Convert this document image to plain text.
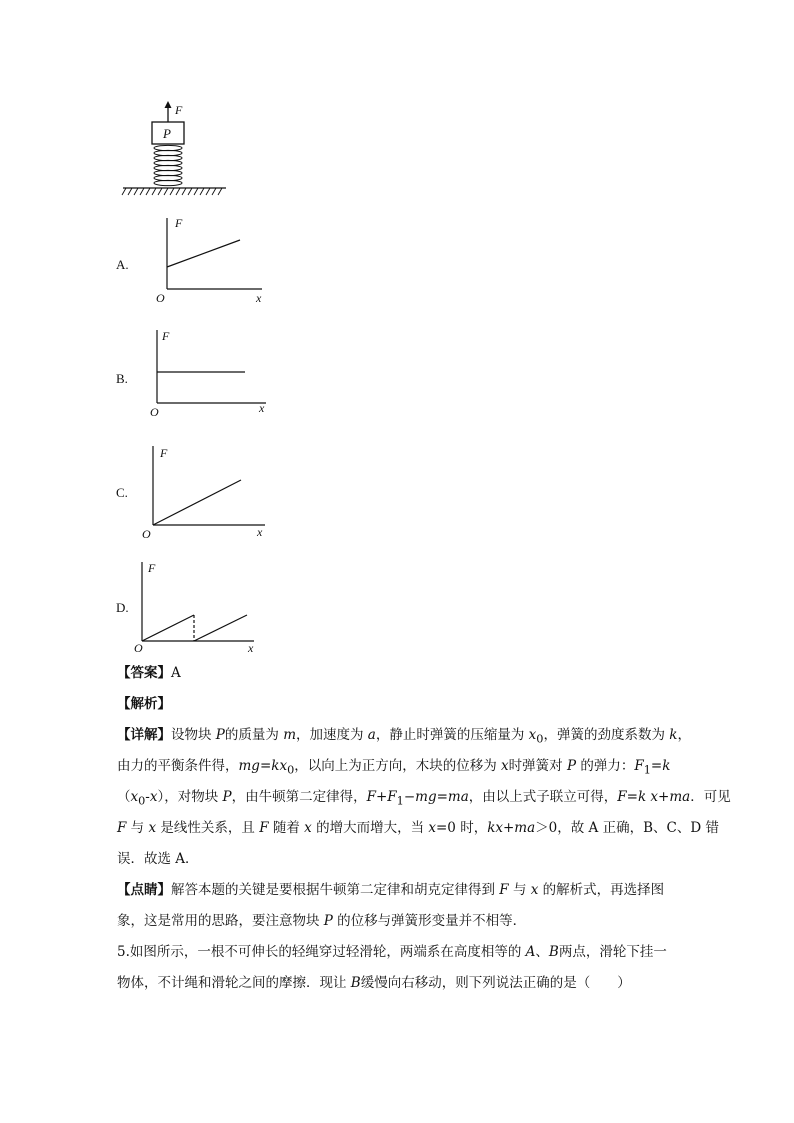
F
P
A.
F
O	x
B.
F
O	x
C.
F
O	x
D.
F
O	x
【答案】A
【解析】
【详解】设物块 P的质量为 m，加速度为 a，静止时弹簧的压缩量为 $x_0$，弹簧的劲度系数为 k，
由力的平衡条件得，$mg=kx_0$，以向上为正方向，木块的位移为 x时弹簧对 P 的弹力：$F_1=k$
$(x_0-x)$，对物块 P，由牛顿第二定律得，$F+F_1-mg=ma$，由以上式子联立可得，F=k x+ma．可见
F 与 x 是线性关系，且 F 随着 x 的增大而增大，当 x=0 时，kx+ma＞0，故 A 正确，B、C、D 错
误．故选 A．
【点睛】解答本题的关键是要根据牛顿第二定律和胡克定律得到 F 与 x 的解析式，再选择图
象，这是常用的思路，要注意物块 P 的位移与弹簧形变量并不相等．
5.如图所示，一根不可伸长的轻绳穿过轻滑轮，两端系在高度相等的 A、B两点，滑轮下挂一
物体，不计绳和滑轮之间的摩擦．现让 B缓慢向右移动，则下列说法正确的是（　　）
